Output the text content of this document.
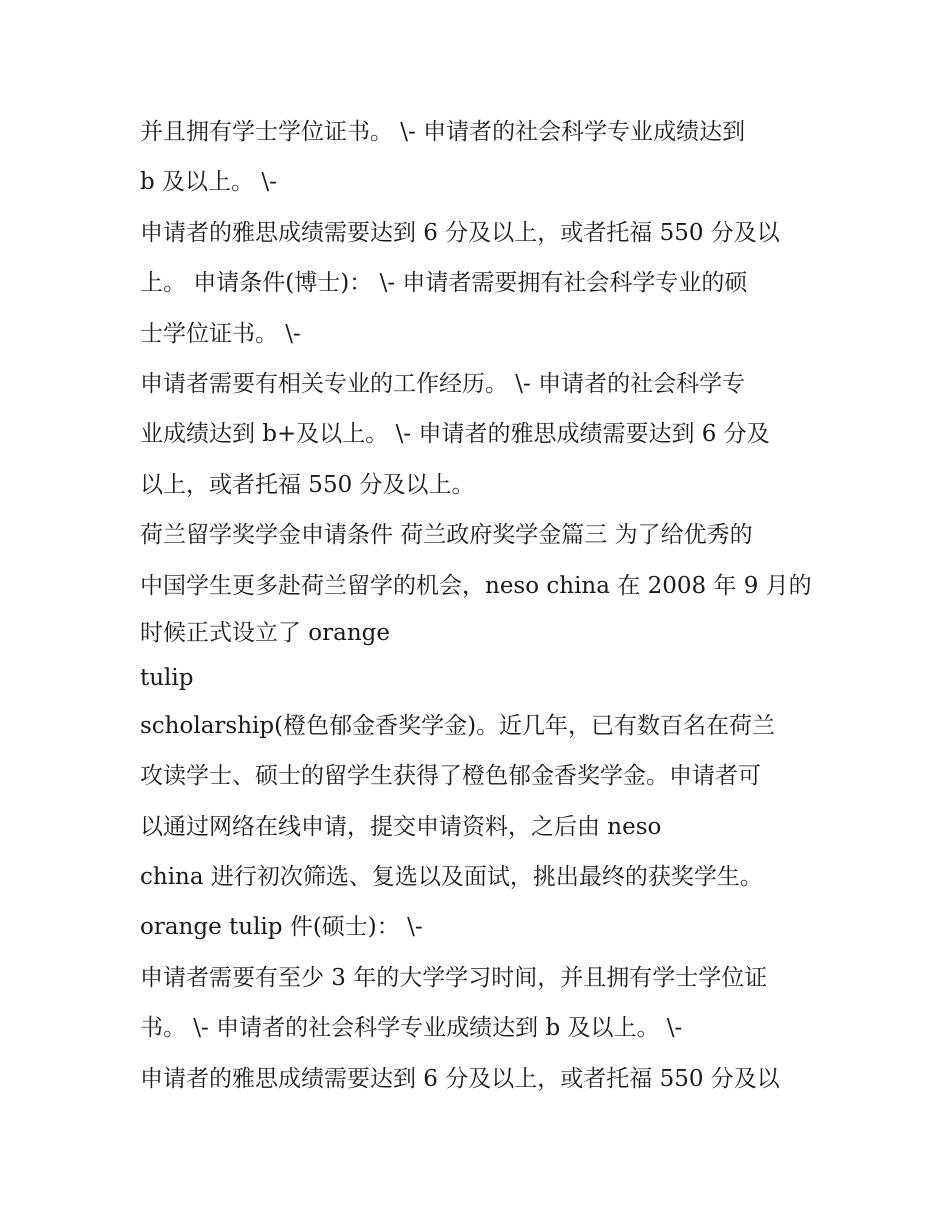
并且拥有学士学位证书。 \- 申请者的社会科学专业成绩达到
b 及以上。 \-
申请者的雅思成绩需要达到 6 分及以上，或者托福 550 分及以
上。 申请条件(博士)： \- 申请者需要拥有社会科学专业的硕
士学位证书。 \-
申请者需要有相关专业的工作经历。 \- 申请者的社会科学专
业成绩达到 b+及以上。 \- 申请者的雅思成绩需要达到 6 分及
以上，或者托福 550 分及以上。
荷兰留学奖学金申请条件 荷兰政府奖学金篇三 为了给优秀的
中国学生更多赴荷兰留学的机会，neso china 在 2008 年 9 月的
时候正式设立了 orange
tulip
scholarship(橙色郁金香奖学金)。近几年，已有数百名在荷兰
攻读学士、硕士的留学生获得了橙色郁金香奖学金。申请者可
以通过网络在线申请，提交申请资料，之后由 neso
china 进行初次筛选、复选以及面试，挑出最终的获奖学生。
orange tulip 件(硕士)： \-
申请者需要有至少 3 年的大学学习时间，并且拥有学士学位证
书。 \- 申请者的社会科学专业成绩达到 b 及以上。 \-
申请者的雅思成绩需要达到 6 分及以上，或者托福 550 分及以
